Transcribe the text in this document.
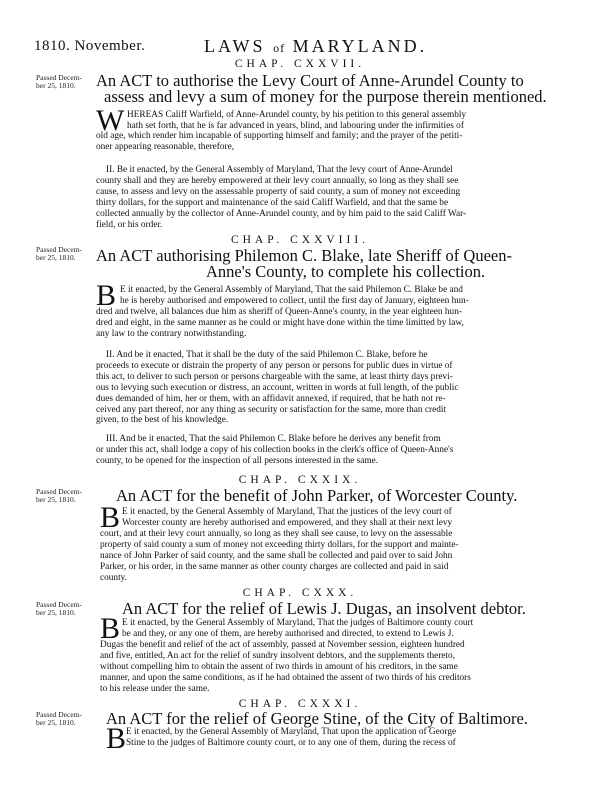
1810. November.	LAWS of MARYLAND.
CHAP. CXXVII.
Passed Decem-
ber 25, 1810.	An ACT to authorise the Levy Court of Anne-Arundel County to
assess and levy a sum of money for the purpose therein mentioned.
W HEREAS Califf Warfield, of Anne-Arundel county, by his petition to this general assembly
hath set forth, that he is far advanced in years, blind, and labouring under the infirmities of
old age, which render him incapable of supporting himself and family; and the prayer of the petiti-
oner appearing reasonable, therefore,
II. Be it enacted, by the General Assembly of Maryland, That the levy court of Anne-Arundel
county shall and they are hereby empowered at their levy court annually, so long as they shall see
cause, to assess and levy on the assessable property of said county, a sum of money not exceeding
thirty dollars, for the support and maintenance of the said Califf Warfield, and that the same be
collected annually by the collector of Anne-Arundel county, and by him paid to the said Califf War-
field, or his order.
CHAP. CXXVIII.
Passed Decem-
ber 25, 1810.	An ACT authorising Philemon C. Blake, late Sheriff of Queen-
Anne's County, to complete his collection.
B E it enacted, by the General Assembly of Maryland, That the said Philemon C. Blake be and
he is hereby authorised and empowered to collect, until the first day of January, eighteen hun-
dred and twelve, all balances due him as sheriff of Queen-Anne's county, in the year eighteen hun-
dred and eight, in the same manner as he could or might have done within the time limitted by law,
any law to the contrary notwithstanding.
II. And be it enacted, That it shall be the duty of the said Philemon C. Blake, before he
proceeds to execute or distrain the property of any person or persons for public dues in virtue of
this act, to deliver to such person or persons chargeable with the same, at least thirty days previ-
ous to levying such execution or distress, an account, written in words at full length, of the public
dues demanded of him, her or them, with an affidavit annexed, if required, that he hath not re-
ceived any part thereof, nor any thing as security or satisfaction for the same, more than credit
given, to the best of his knowledge.
III. And be it enacted, That the said Philemon C. Blake before he derives any benefit from
or under this act, shall lodge a copy of his collection books in the clerk's office of Queen-Anne's
county, to be opened for the inspection of all persons interested in the same.
CHAP. CXXIX.
Passed Decem-
ber 25, 1810.	An ACT for the benefit of John Parker, of Worcester County.
B E it enacted, by the General Assembly of Maryland, That the justices of the levy court of
Worcester county are hereby authorised and empowered, and they shall at their next levy
court, and at their levy court annually, so long as they shall see cause, to levy on the assessable
property of said county a sum of money not exceeding thirty dollars, for the support and mainte-
nance of John Parker of said county, and the same shall be collected and paid over to said John
Parker, or his order, in the same manner as other county charges are collected and paid in said
county.
CHAP. CXXX.
Passed Decem-
ber 25, 1810.	An ACT for the relief of Lewis J. Dugas, an insolvent debtor.
B E it enacted, by the General Assembly of Maryland, That the judges of Baltimore county court
be and they, or any one of them, are hereby authorised and directed, to extend to Lewis J.
Dugas the benefit and relief of the act of assembly, passed at November session, eighteen hundred
and five, entitled, An act for the relief of sundry insolvent debtors, and the supplements thereto,
without compelling him to obtain the assent of two thirds in amount of his creditors, in the same
manner, and upon the same conditions, as if he had obtained the assent of two thirds of his creditors
to his release under the same.
CHAP. CXXXI.
Passed Decem-
ber 25, 1810.	An ACT for the relief of George Stine, of the City of Baltimore.
B E it enacted, by the General Assembly of Maryland, That upon the application of George
Stine to the judges of Baltimore county court, or to any one of them, during the recess of
